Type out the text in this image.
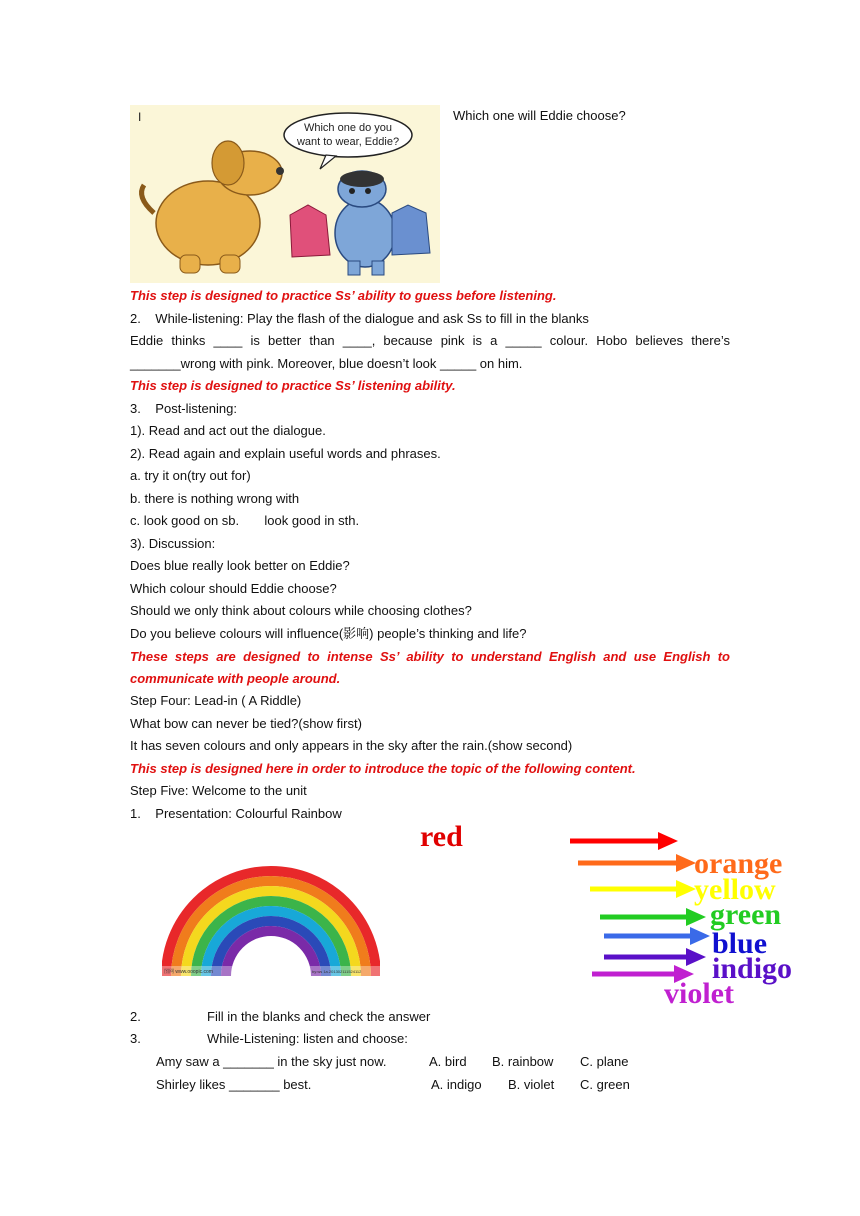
I
Which one do you
want to wear, Eddie?
Which one will Eddie choose?
This step is designed to practice Ss’ ability to guess before listening.
2. While-listening: Play the flash of the dialogue and ask Ss to fill in the blanks
Eddie thinks ____ is better than ____, because pink is a _____ colour. Hobo believes there’s
_______wrong with pink. Moreover, blue doesn’t look _____ on him.
This step is designed to practice Ss’ listening ability.
3. Post-listening:
1). Read and act out the dialogue.
2). Read again and explain useful words and phrases.
a. try it on(try out for)
b. there is nothing wrong with
c. look good on sb.       look good in sth.
3). Discussion:
Does blue really look better on Eddie?
Which colour should Eddie choose?
Should we only think about colours while choosing clothes?
Do you believe colours will influence(影响) people’s thinking and life?
These steps are designed to intense Ss’ ability to understand English and use English to
communicate with people around.
Step Four: Lead-in ( A Riddle)
What bow can never be tied?(show first)
It has seven colours and only appears in the sky after the rain.(show second)
This step is designed here in order to introduce the topic of the following content.
Step Five: Welcome to the unit
1. Presentation: Colourful Rainbow
图网 www.ooopic.com	by:ws 1a.201302111524112
red
orange
yellow
green
blue
indigo
violet
2.	Fill in the blanks and check the answer
3.	While-Listening: listen and choose:
Amy saw a _______ in the sky just now.	A. bird B. rainbow C. plane
Shirley likes _______ best.	A. indigo B. violet C. green
